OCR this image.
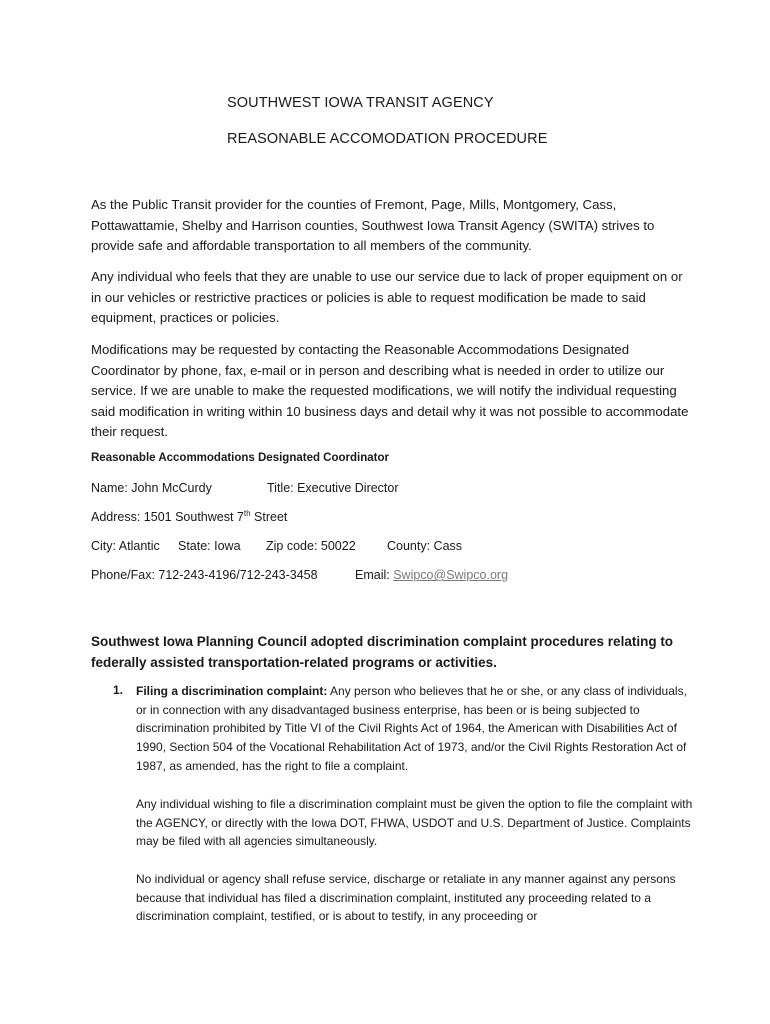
SOUTHWEST IOWA TRANSIT AGENCY
REASONABLE ACCOMODATION PROCEDURE

As the Public Transit provider for the counties of Fremont, Page, Mills, Montgomery, Cass, Pottawattamie, Shelby and Harrison counties, Southwest Iowa Transit Agency (SWITA) strives to provide safe and affordable transportation to all members of the community.

Any individual who feels that they are unable to use our service due to lack of proper equipment on or in our vehicles or restrictive practices or policies is able to request modification be made to said equipment, practices or policies.

Modifications may be requested by contacting the Reasonable Accommodations Designated Coordinator by phone, fax, e-mail or in person and describing what is needed in order to utilize our service. If we are unable to make the requested modifications, we will notify the individual requesting said modification in writing within 10 business days and detail why it was not possible to accommodate their request.

Reasonable Accommodations Designated Coordinator
Name: John McCurdy	Title: Executive Director
Address: 1501 Southwest 7th Street
City: Atlantic State: Iowa Zip code: 50022	County: Cass
Phone/Fax: 712-243-4196/712-243-3458	Email: Swipco@Swipco.org

Southwest Iowa Planning Council adopted discrimination complaint procedures relating to federally assisted transportation-related programs or activities.

1. Filing a discrimination complaint: Any person who believes that he or she, or any class of individuals, or in connection with any disadvantaged business enterprise, has been or is being subjected to discrimination prohibited by Title VI of the Civil Rights Act of 1964, the American with Disabilities Act of 1990, Section 504 of the Vocational Rehabilitation Act of 1973, and/or the Civil Rights Restoration Act of 1987, as amended, has the right to file a complaint.

Any individual wishing to file a discrimination complaint must be given the option to file the complaint with the AGENCY, or directly with the Iowa DOT, FHWA, USDOT and U.S. Department of Justice. Complaints may be filed with all agencies simultaneously.

No individual or agency shall refuse service, discharge or retaliate in any manner against any persons because that individual has filed a discrimination complaint, instituted any proceeding related to a discrimination complaint, testified, or is about to testify, in any proceeding or
